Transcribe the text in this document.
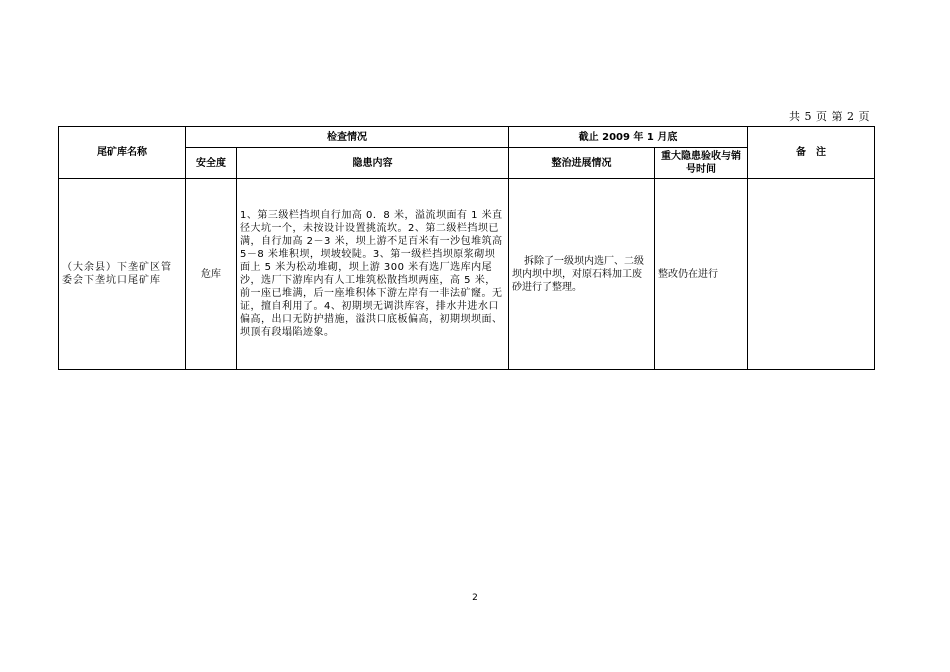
共 5 页 第 2 页
尾矿库名称	检查情况		截止 2009 年 1 月底		备　注
	安全度	隐患内容	整治进展情况	重大隐患验收与销号时间	
（大余县）下垄矿区管委会下垄坑口尾矿库	危库	1、第三级栏挡坝自行加高 0．8 米，溢流坝面有 1 米直径大坑一个，未按设计设置挑流坎。2、第二级栏挡坝已满，自行加高 2－3 米，坝上游不足百米有一沙包堆筑高 5－8 米堆积坝，坝坡较陡。3、第一级栏挡坝原浆砌坝面上 5 米为松动堆砌，坝上游 300 米有选厂选库内尾沙，选厂下游库内有人工堆筑松散挡坝两座，高 5 米，前一座已堆满，后一座堆积体下游左岸有一非法矿窿。无证，擅自利用了。4、初期坝无调洪库容，排水井进水口偏高，出口无防护措施，溢洪口底板偏高，初期坝坝面、坝顶有段塌陷迹象。	拆除了一级坝内选厂、二级坝内坝中坝，对原石料加工废砂进行了整理。	整改仍在进行	
2
